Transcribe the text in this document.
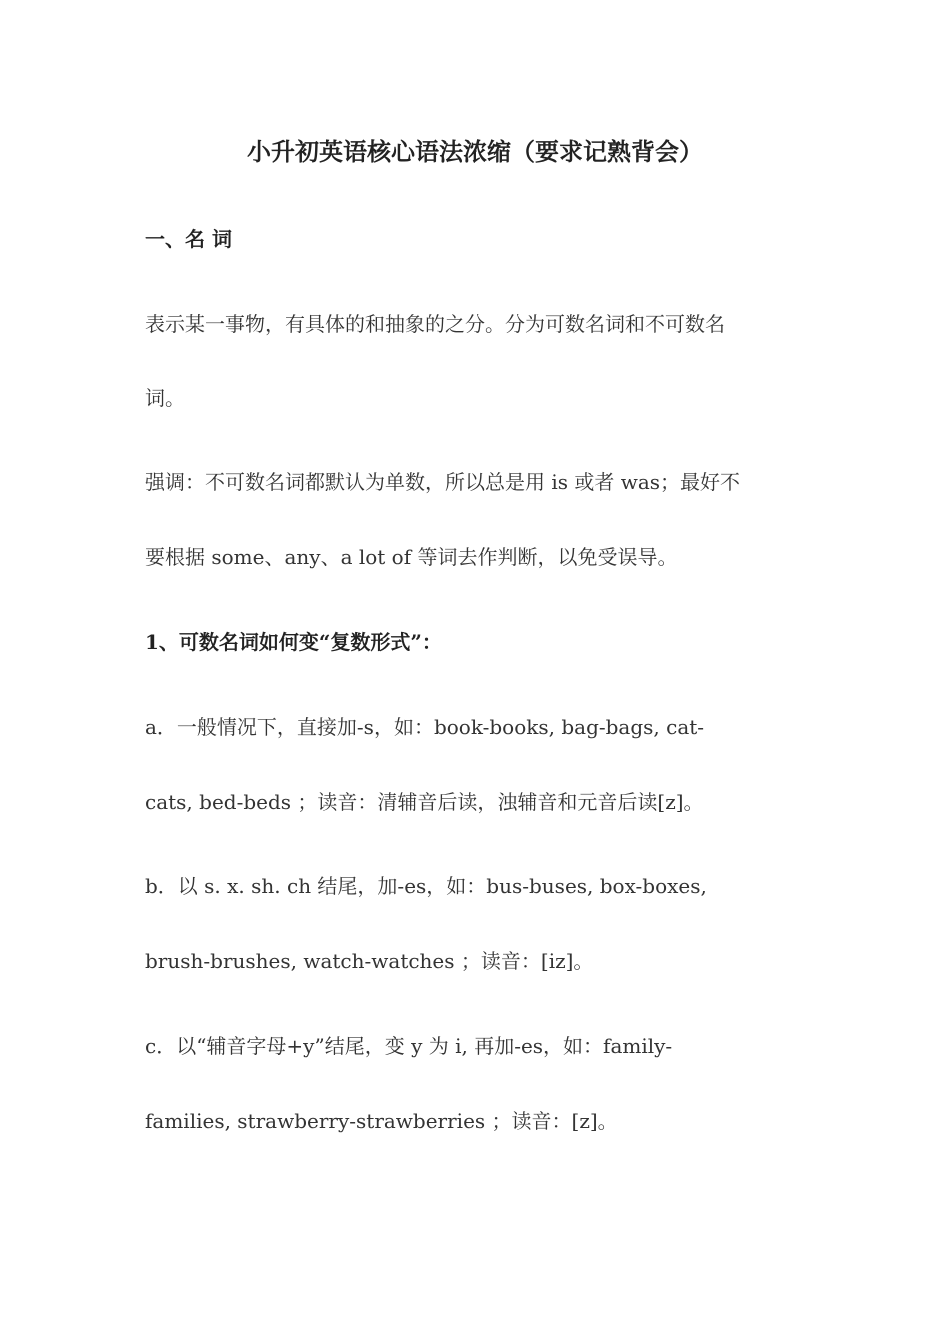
小升初英语核心语法浓缩（要求记熟背会）
一、名 词
表示某一事物，有具体的和抽象的之分。分为可数名词和不可数名
词。
强调：不可数名词都默认为单数，所以总是用 is 或者 was；最好不
要根据 some、any、a lot of 等词去作判断，以免受误导。
1、可数名词如何变“复数形式”：
a．一般情况下，直接加-s，如：book-books, bag-bags, cat-
cats, bed-beds ；读音：清辅音后读，浊辅音和元音后读[z]。
b．以 s. x. sh. ch 结尾，加-es，如：bus-buses, box-boxes,
brush-brushes, watch-watches ；读音：[iz]。
c．以“辅音字母+y”结尾，变 y 为 i, 再加-es，如：family-
families, strawberry-strawberries ；读音：[z]。
